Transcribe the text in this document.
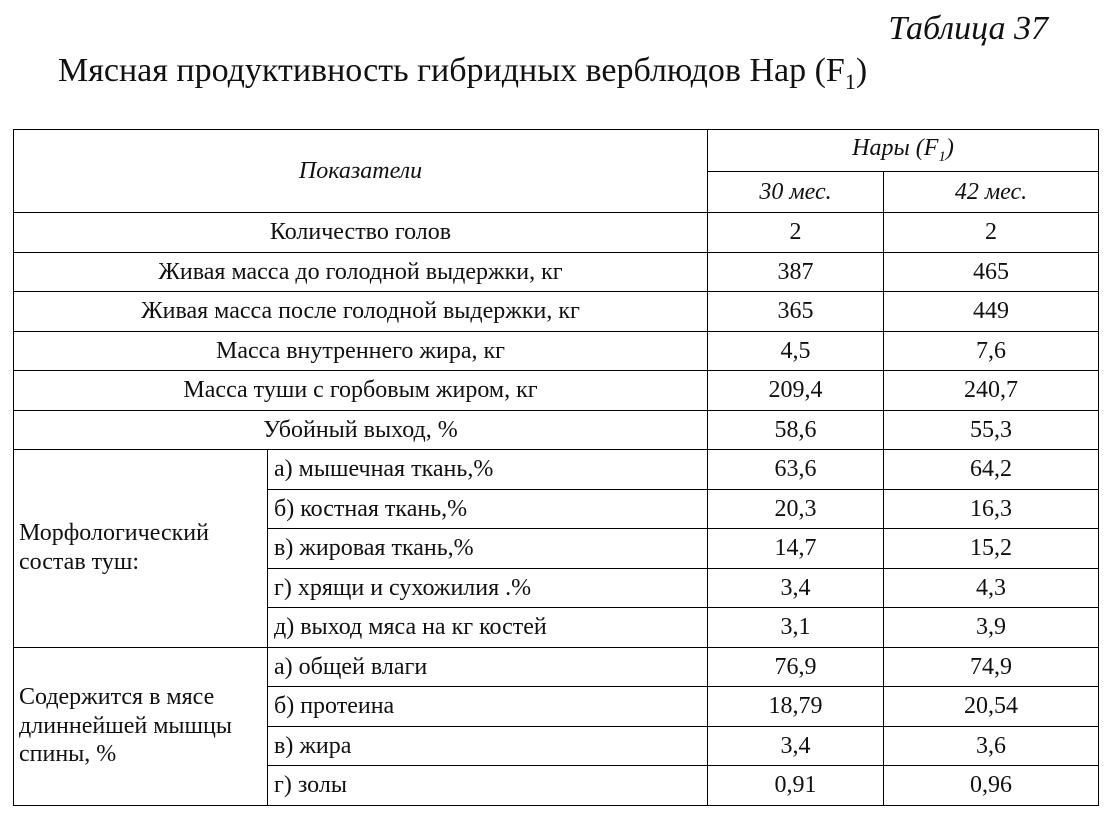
Таблица 37
Мясная продуктивность гибридных верблюдов Нар $(F_1)$
Показатели		Нары $(F_1)$	
		30 мес.	42 мес.
Количество голов		2	2
Живая масса до голодной выдержки, кг		387	465
Живая масса после голодной выдержки, кг		365	449
Масса внутреннего жира, кг		4,5	7,6
Масса туши с горбовым жиром, кг		209,4	240,7
Убойный выход, %		58,6	55,3
Морфологический состав туш:	а) мышечная ткань,%	63,6	64,2
	б) костная ткань,%	20,3	16,3
	в) жировая ткань,%	14,7	15,2
	г) хрящи и сухожилия .%	3,4	4,3
	д) выход мяса на кг костей	3,1	3,9
Содержится в мясе длиннейшей мышцы спины, %	а) общей влаги	76,9	74,9
	б) протеина	18,79	20,54
	в) жира	3,4	3,6
	г) золы	0,91	0,96
